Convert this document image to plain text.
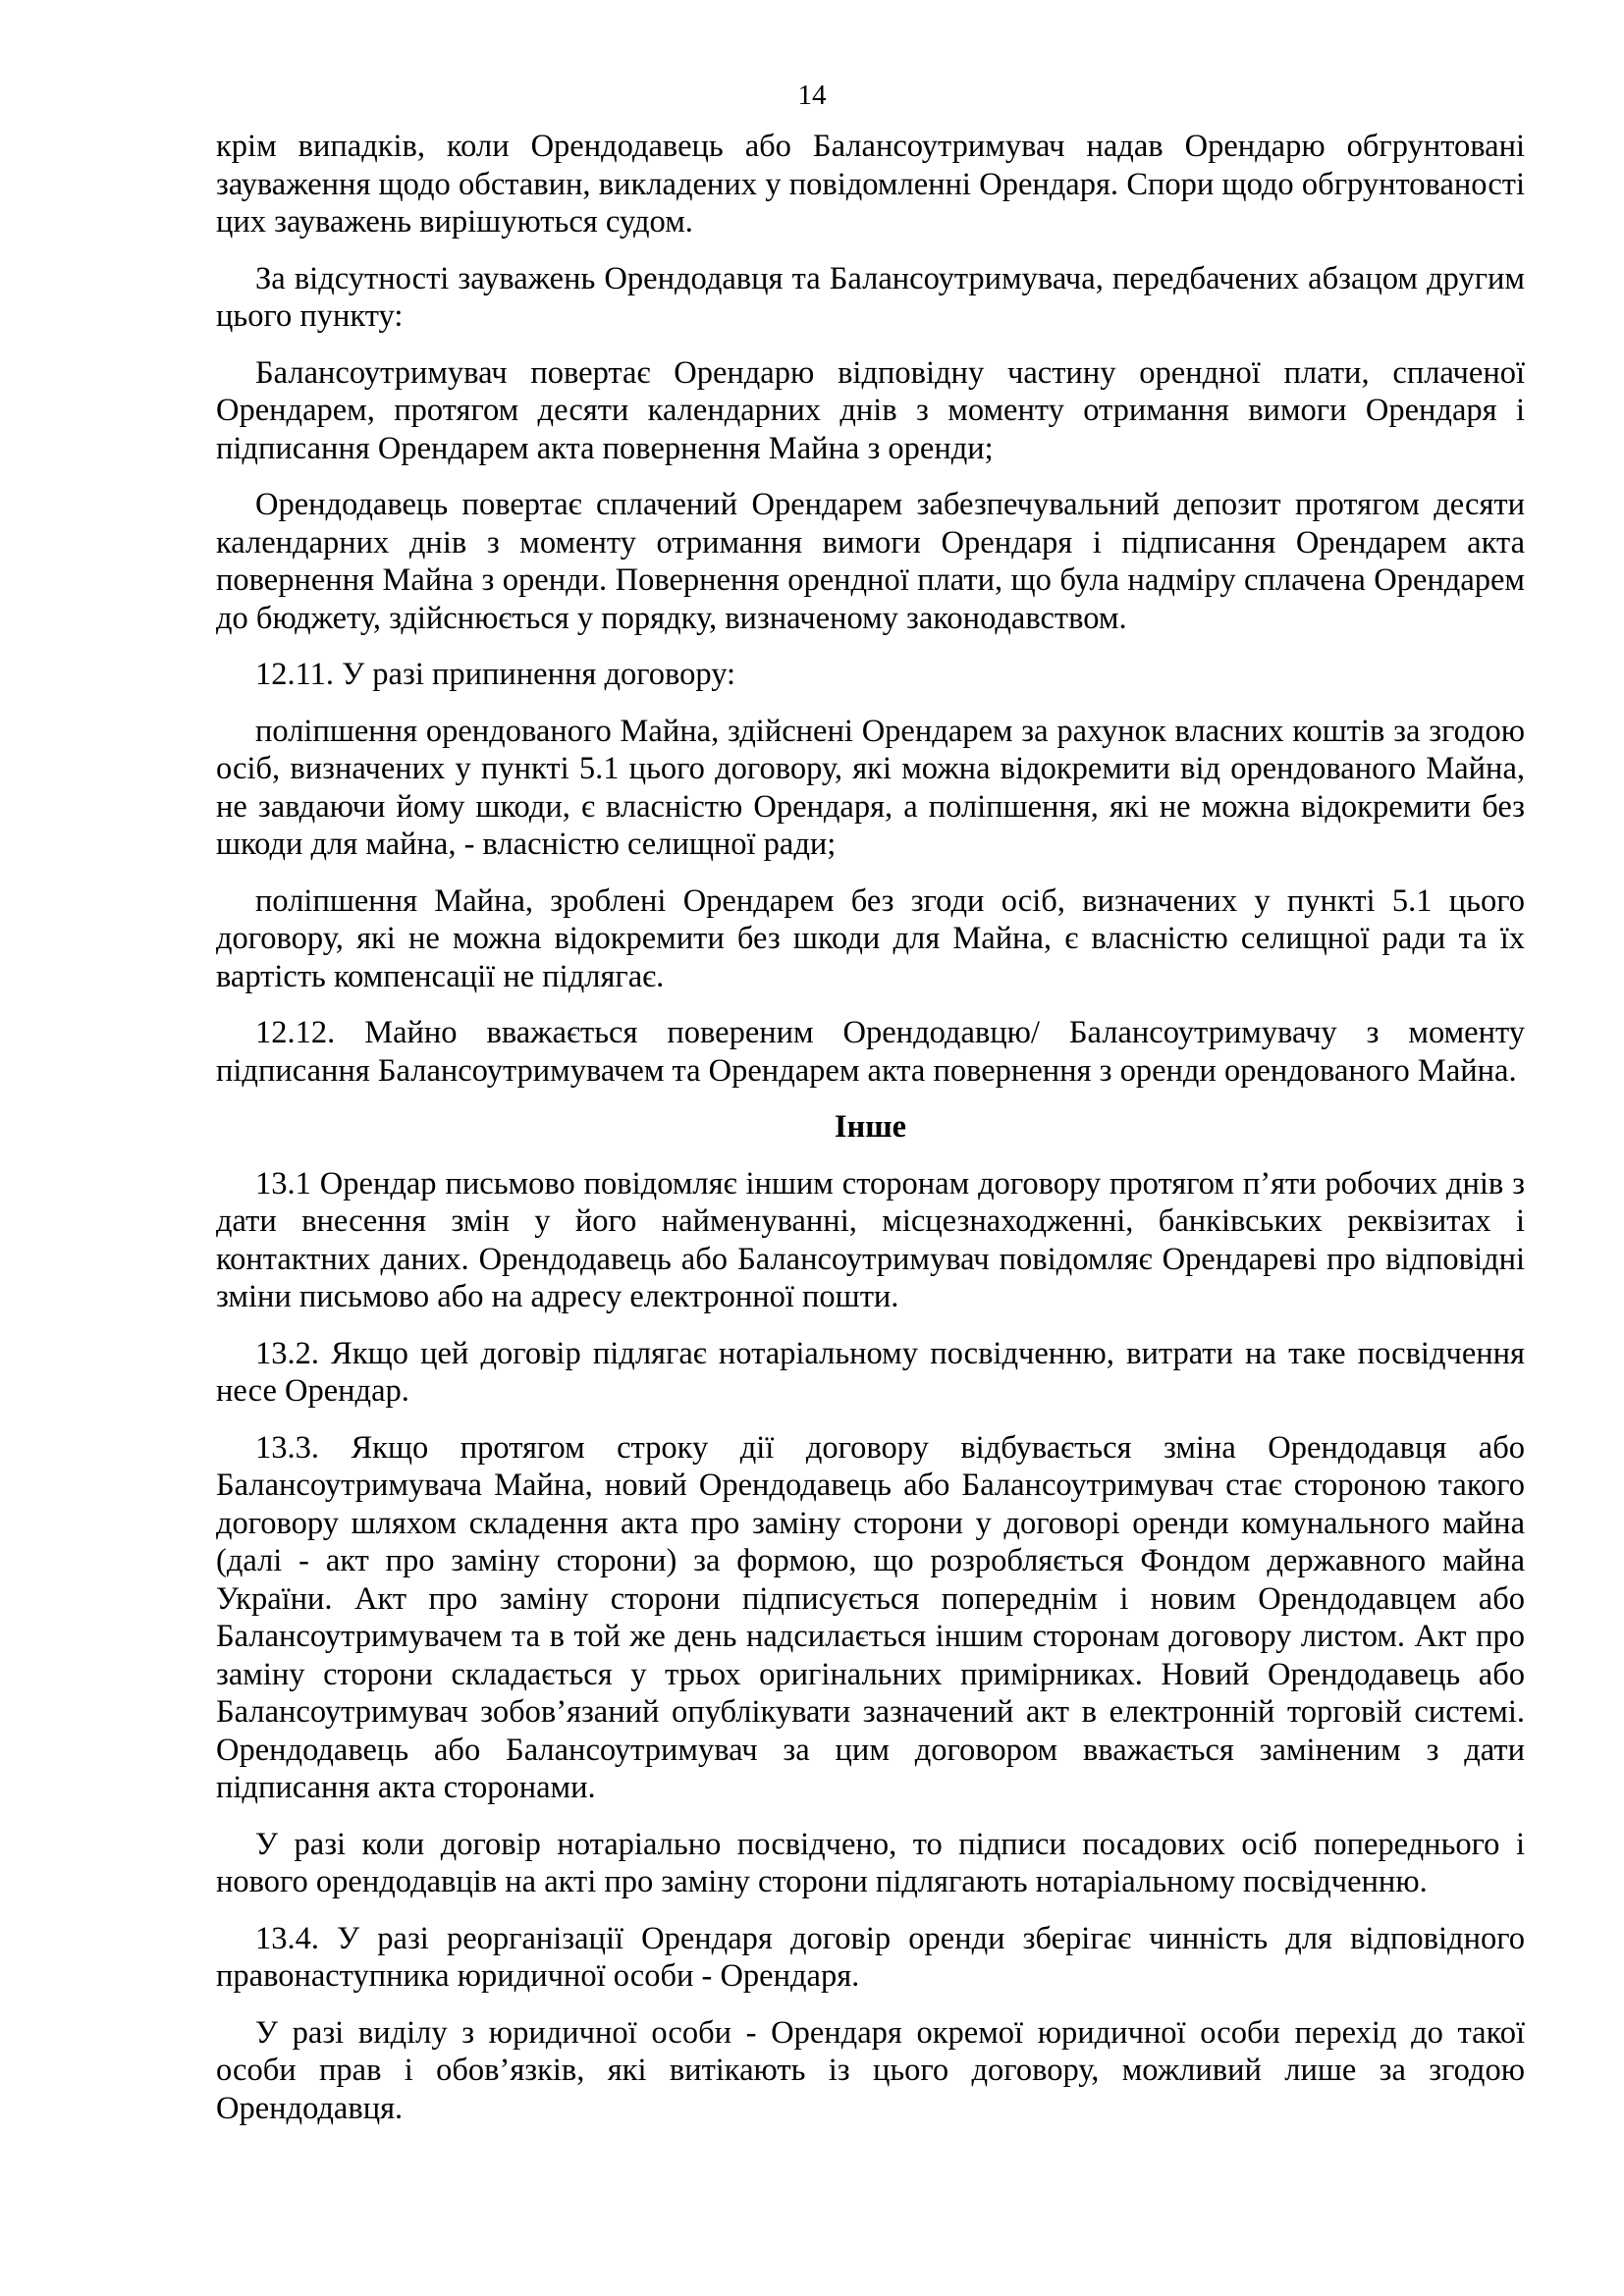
14

крім випадків, коли Орендодавець або Балансоутримувач надав Орендарю обгрунтовані зауваження щодо обставин, викладених у повідомленні Орендаря. Спори щодо обгрунтованості цих зауважень вирішуються судом.

За відсутності зауважень Орендодавця та Балансоутримувача, передбачених абзацом другим цього пункту:

Балансоутримувач повертає Орендарю відповідну частину орендної плати, сплаченої Орендарем, протягом десяти календарних днів з моменту отримання вимоги Орендаря і підписання Орендарем акта повернення Майна з оренди;

Орендодавець повертає сплачений Орендарем забезпечувальний депозит протягом десяти календарних днів з моменту отримання вимоги Орендаря і підписання Орендарем акта повернення Майна з оренди. Повернення орендної плати, що була надміру сплачена Орендарем до бюджету, здійснюється у порядку, визначеному законодавством.

12.11. У разі припинення договору:

поліпшення орендованого Майна, здійснені Орендарем за рахунок власних коштів за згодою осіб, визначених у пункті 5.1 цього договору, які можна відокремити від орендованого Майна, не завдаючи йому шкоди, є власністю Орендаря, а поліпшення, які не можна відокремити без шкоди для майна, - власністю селищної ради;

поліпшення Майна, зроблені Орендарем без згоди осіб, визначених у пункті 5.1 цього договору, які не можна відокремити без шкоди для Майна, є власністю селищної ради та їх вартість компенсації не підлягає.

12.12. Майно вважається повереним Орендодавцю/ Балансоутримувачу з моменту підписання Балансоутримувачем та Орендарем акта повернення з оренди орендованого Майна.

Інше

13.1 Орендар письмово повідомляє іншим сторонам договору протягом п’яти робочих днів з дати внесення змін у його найменуванні, місцезнаходженні, банківських реквізитах і контактних даних. Орендодавець або Балансоутримувач повідомляє Орендареві про відповідні зміни письмово або на адресу електронної пошти.

13.2. Якщо цей договір підлягає нотаріальному посвідченню, витрати на таке посвідчення несе Орендар.

13.3. Якщо протягом строку дії договору відбувається зміна Орендодавця або Балансоутримувача Майна, новий Орендодавець або Балансоутримувач стає стороною такого договору шляхом складення акта про заміну сторони у договорі оренди комунального майна (далі - акт про заміну сторони) за формою, що розробляється Фондом державного майна України. Акт про заміну сторони підписується попереднім і новим Орендодавцем або Балансоутримувачем та в той же день надсилається іншим сторонам договору листом. Акт про заміну сторони складається у трьох оригінальних примірниках. Новий Орендодавець або Балансоутримувач зобов’язаний опублікувати зазначений акт в електронній торговій системі. Орендодавець або Балансоутримувач за цим договором вважається заміненим з дати підписання акта сторонами.

У разі коли договір нотаріально посвідчено, то підписи посадових осіб попереднього і нового орендодавців на акті про заміну сторони підлягають нотаріальному посвідченню.

13.4. У разі реорганізації Орендаря договір оренди зберігає чинність для відповідного правонаступника юридичної особи - Орендаря.

У разі виділу з юридичної особи - Орендаря окремої юридичної особи перехід до такої особи прав і обов’язків, які витікають із цього договору, можливий лише за згодою Орендодавця.
